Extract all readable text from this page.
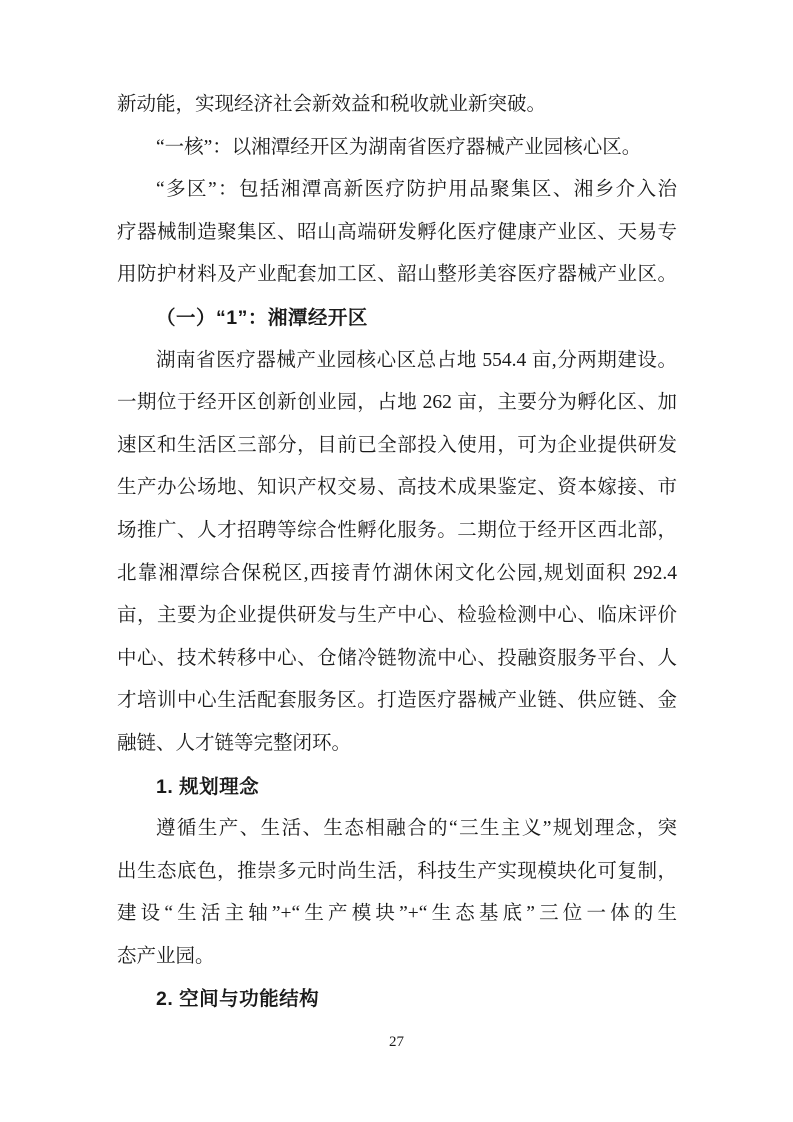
新动能，实现经济社会新效益和税收就业新突破。
“一核”：以湘潭经开区为湖南省医疗器械产业园核心区。
“多区”：包括湘潭高新医疗防护用品聚集区、湘乡介入治
疗器械制造聚集区、昭山高端研发孵化医疗健康产业区、天易专
用防护材料及产业配套加工区、韶山整形美容医疗器械产业区。
（一）“1”：湘潭经开区
湖南省医疗器械产业园核心区总占地 554.4 亩,分两期建设。
一期位于经开区创新创业园，占地 262 亩，主要分为孵化区、加
速区和生活区三部分，目前已全部投入使用，可为企业提供研发
生产办公场地、知识产权交易、高技术成果鉴定、资本嫁接、市
场推广、人才招聘等综合性孵化服务。二期位于经开区西北部，
北靠湘潭综合保税区,西接青竹湖休闲文化公园,规划面积 292.4
亩，主要为企业提供研发与生产中心、检验检测中心、临床评价
中心、技术转移中心、仓储冷链物流中心、投融资服务平台、人
才培训中心生活配套服务区。打造医疗器械产业链、供应链、金
融链、人才链等完整闭环。
1. 规划理念
遵循生产、生活、生态相融合的“三生主义”规划理念，突
出生态底色，推崇多元时尚生活，科技生产实现模块化可复制，
建设“生活主轴”+“生产模块”+“生态基底”三位一体的生
态产业园。
2. 空间与功能结构
27
